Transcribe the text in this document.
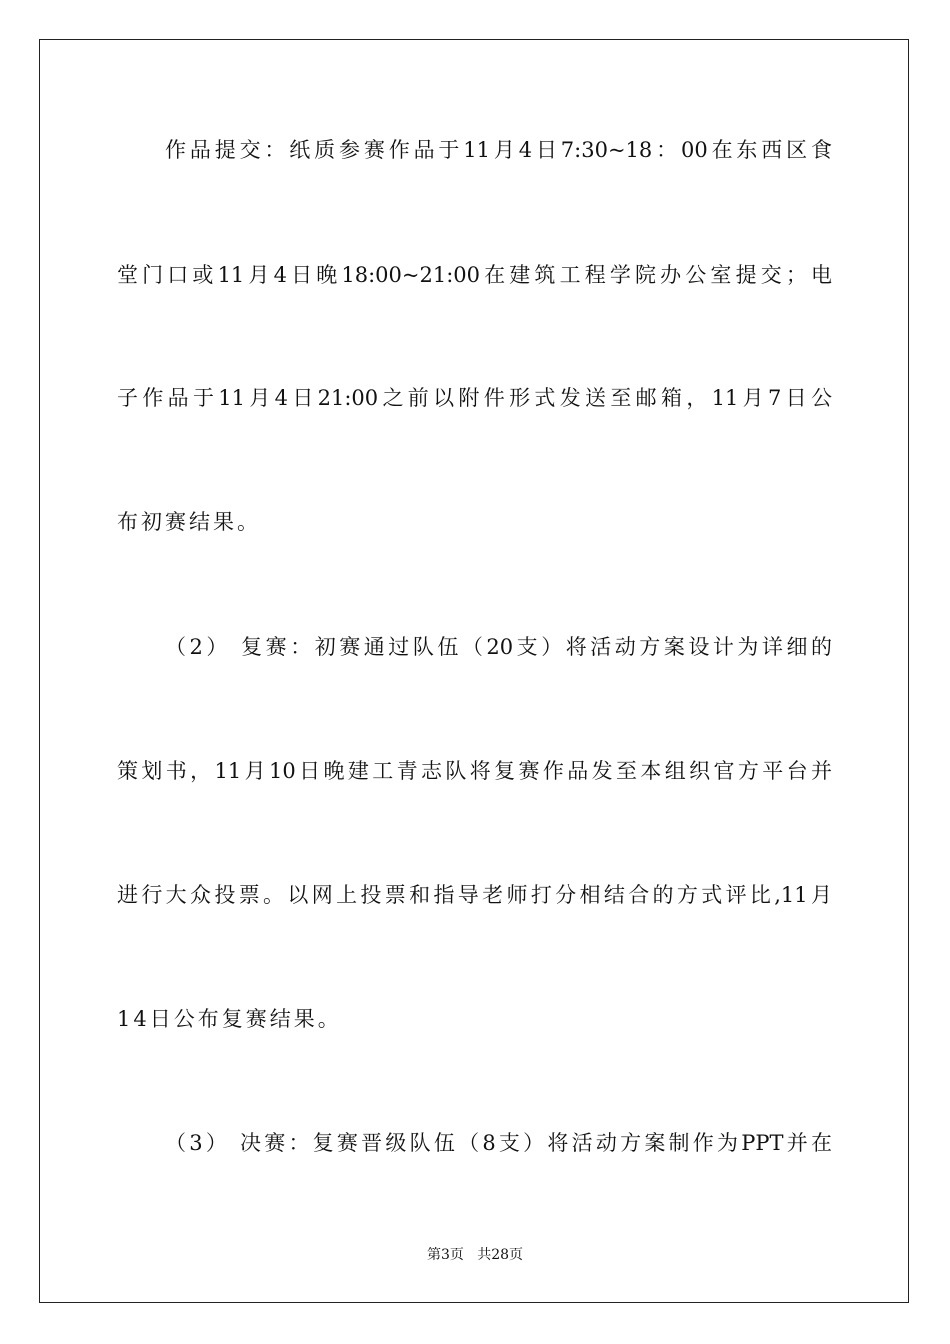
作品提交：纸质参赛作品于11月4日7:30~18：00在东西区食
堂门口或11月4日晚18:00~21:00在建筑工程学院办公室提交；电
子作品于11月4日21:00之前以附件形式发送至邮箱，11月7日公
布初赛结果。
（2） 复赛：初赛通过队伍（20支）将活动方案设计为详细的
策划书，11月10日晚建工青志队将复赛作品发至本组织官方平台并
进行大众投票。以网上投票和指导老师打分相结合的方式评比,11月
14日公布复赛结果。
（3） 决赛：复赛晋级队伍（8支）将活动方案制作为PPT并在
第3页   共28页
